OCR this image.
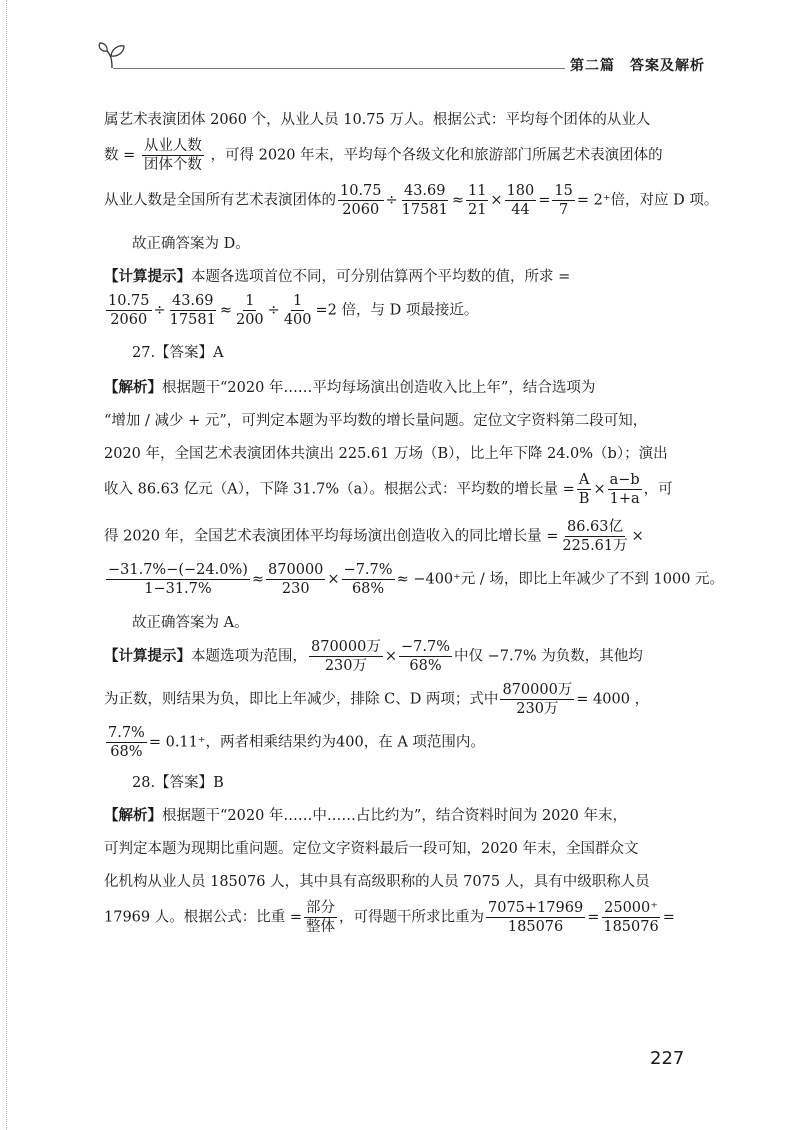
第二篇　答案及解析

属艺术表演团体 2060 个，从业人员 10.75 万人。根据公式：平均每个团体的从业人

数 = $\frac{\text{从业人数}}{\text{团体个数}}$ ，可得 2020 年末，平均每个各级文化和旅游部门所属艺术表演团体的

从业人数是全国所有艺术表演团体的 $\frac{10.75}{2060} \div \frac{43.69}{17581} \approx \frac{11}{21} \times \frac{180}{44} = \frac{15}{7} = 2^+$倍，对应 D 项。

故正确答案为 D。

【计算提示】本题各选项首位不同，可分别估算两个平均数的值，所求 =

$\frac{10.75}{2060} \div \frac{43.69}{17581} \approx \frac{1}{200} \div \frac{1}{400} =2$ 倍，与 D 项最接近。

27.【答案】A

【解析】根据题干“2020 年……平均每场演出创造收入比上年”，结合选项为

“增加 / 减少 + 元”，可判定本题为平均数的增长量问题。定位文字资料第二段可知，

2020 年，全国艺术表演团体共演出 225.61 万场（B），比上年下降 24.0%（b）；演出

收入 86.63 亿元（A），下降 31.7%（a）。根据公式：平均数的增长量 = $\frac{A}{B} \times \frac{a-b}{1+a}$ ，可

得 2020 年，全国艺术表演团体平均每场演出创造收入的同比增长量 = $\frac{\text{86.63亿}}{\text{225.61万}}$ ×

$\frac{-31.7\%-(-24.0\%)}{1-31.7\%} \approx \frac{870000}{230} \times \frac{-7.7\%}{68\%} \approx -400^+$元 / 场，即比上年减少了不到 1000 元。

故正确答案为 A。

【计算提示】本题选项为范围， $\frac{\text{870000万}}{\text{230万}} \times \frac{-7.7\%}{68\%}$ 中仅 −7.7% 为负数，其他均

为正数，则结果为负，即比上年减少，排除 C、D 两项；式中 $\frac{\text{870000万}}{\text{230万}} = 4000$ ，

$\frac{7.7\%}{68\%} = 0.11^+$，两者相乘结果约为400，在 A 项范围内。

28.【答案】B

【解析】根据题干“2020 年……中……占比约为”，结合资料时间为 2020 年末，

可判定本题为现期比重问题。定位文字资料最后一段可知，2020 年末，全国群众文

化机构从业人员 185076 人，其中具有高级职称的人员 7075 人，具有中级职称人员

17969 人。根据公式：比重 = $\frac{\text{部分}}{\text{整体}}$ ，可得题干所求比重为 $\frac{7075+17969}{185076} = \frac{25000^+}{185076}$ =

227
